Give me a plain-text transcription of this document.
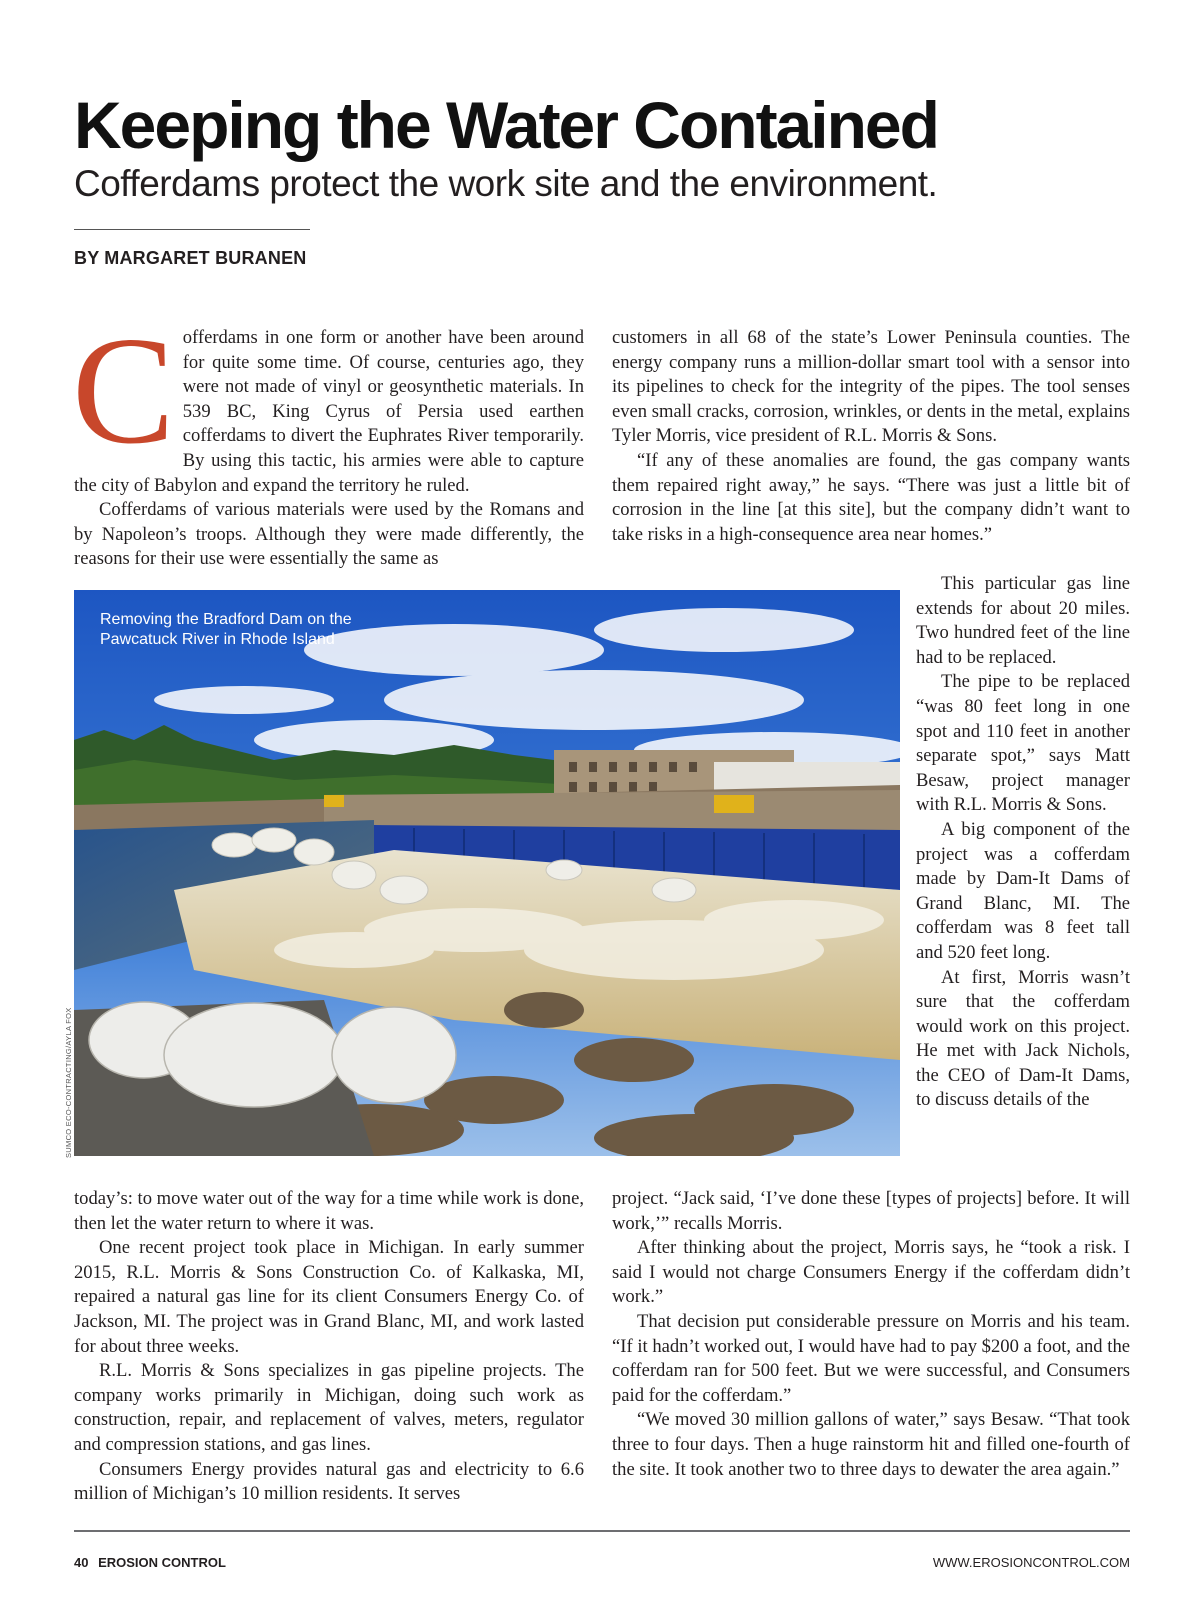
Keeping the Water Contained
Cofferdams protect the work site and the environment.
BY MARGARET BURANEN

Cofferdams in one form or another have been around for quite some time. Of course, centuries ago, they were not made of vinyl or geosynthetic materials. In 539 BC, King Cyrus of Persia used earthen cofferdams to divert the Euphrates River temporarily. By using this tactic, his armies were able to capture the city of Babylon and expand the territory he ruled.

Cofferdams of various materials were used by the Romans and by Napoleon’s troops. Although they were made differently, the reasons for their use were essentially the same as

customers in all 68 of the state’s Lower Peninsula counties. The energy company runs a million-dollar smart tool with a sensor into its pipelines to check for the integrity of the pipes. The tool senses even small cracks, corrosion, wrinkles, or dents in the metal, explains Tyler Morris, vice president of R.L. Morris & Sons.

“If any of these anomalies are found, the gas company wants them repaired right away,” he says. “There was just a little bit of corrosion in the line [at this site], but the company didn’t want to take risks in a high-consequence area near homes.”

Removing the Bradford Dam on the Pawcatuck River in Rhode Island
SUMCO ECO-CONTRACTING/AYLA FOX

This particular gas line extends for about 20 miles. Two hundred feet of the line had to be replaced.

The pipe to be replaced “was 80 feet long in one spot and 110 feet in another separate spot,” says Matt Besaw, project manager with R.L. Morris & Sons.

A big component of the project was a cofferdam made by Dam-It Dams of Grand Blanc, MI. The cofferdam was 8 feet tall and 520 feet long.

At first, Morris wasn’t sure that the cofferdam would work on this project. He met with Jack Nichols, the CEO of Dam-It Dams, to discuss details of the

today’s: to move water out of the way for a time while work is done, then let the water return to where it was.

One recent project took place in Michigan. In early summer 2015, R.L. Morris & Sons Construction Co. of Kalkaska, MI, repaired a natural gas line for its client Consumers Energy Co. of Jackson, MI. The project was in Grand Blanc, MI, and work lasted for about three weeks.

R.L. Morris & Sons specializes in gas pipeline projects. The company works primarily in Michigan, doing such work as construction, repair, and replacement of valves, meters, regulator and compression stations, and gas lines.

Consumers Energy provides natural gas and electricity to 6.6 million of Michigan’s 10 million residents. It serves

project. “Jack said, ‘I’ve done these [types of projects] before. It will work,’” recalls Morris.

After thinking about the project, Morris says, he “took a risk. I said I would not charge Consumers Energy if the cofferdam didn’t work.”

That decision put considerable pressure on Morris and his team. “If it hadn’t worked out, I would have had to pay $200 a foot, and the cofferdam ran for 500 feet. But we were successful, and Consumers paid for the cofferdam.”

“We moved 30 million gallons of water,” says Besaw. “That took three to four days. Then a huge rainstorm hit and filled one-fourth of the site. It took another two to three days to dewater the area again.”

40 EROSION CONTROL	WWW.EROSIONCONTROL.COM
